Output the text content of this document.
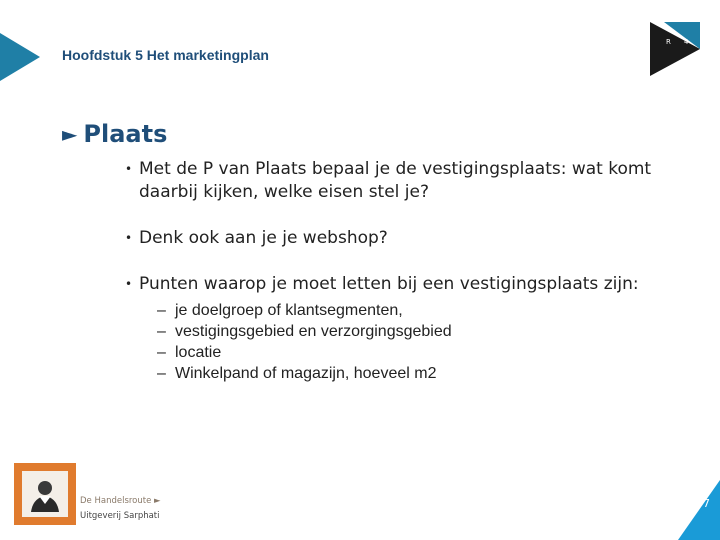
Hoofdstuk 5 Het marketingplan
R 4
► Plaats
• Met de P van Plaats bepaal je de vestigingsplaats: wat komt daarbij kijken, welke eisen stel je?
• Denk ook aan je je webshop?
• Punten waarop je moet letten bij een vestigingsplaats zijn:
– je doelgroep of klantsegmenten,
– vestigingsgebied en verzorgingsgebied
– locatie
– Winkelpand of magazijn, hoeveel m2
De Handelsroute ►
Uitgeverij Sarphati
7
